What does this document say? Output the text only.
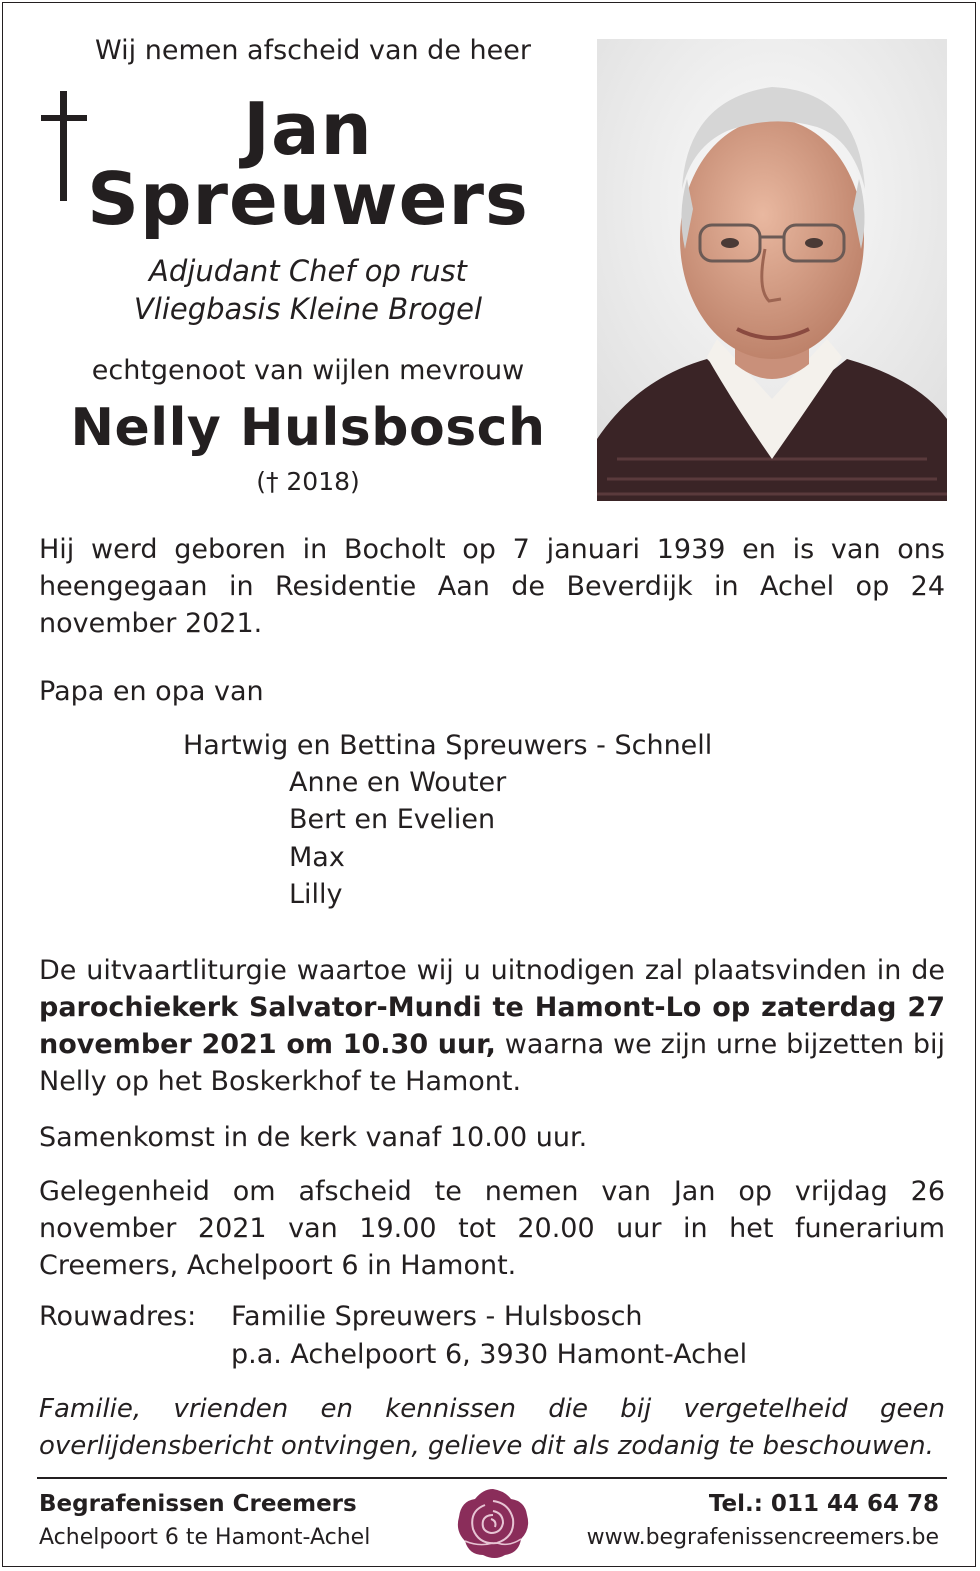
Wij nemen afscheid van de heer
Jan
Spreuwers
Adjudant Chef op rust
Vliegbasis Kleine Brogel
echtgenoot van wijlen mevrouw
Nelly Hulsbosch
(† 2018)

Hij werd geboren in Bocholt op 7 januari 1939 en is van ons heengegaan in Residentie Aan de Beverdijk in Achel op 24 november 2021.

Papa en opa van
Hartwig en Bettina Spreuwers - Schnell
Anne en Wouter
Bert en Evelien
Max
Lilly

De uitvaartliturgie waartoe wij u uitnodigen zal plaatsvinden in de parochiekerk Salvator-Mundi te Hamont-Lo op zaterdag 27 november 2021 om 10.30 uur, waarna we zijn urne bijzetten bij Nelly op het Boskerkhof te Hamont.

Samenkomst in de kerk vanaf 10.00 uur.

Gelegenheid om afscheid te nemen van Jan op vrijdag 26 november 2021 van 19.00 tot 20.00 uur in het funerarium Creemers, Achelpoort 6 in Hamont.

Rouwadres: Familie Spreuwers - Hulsbosch
p.a. Achelpoort 6, 3930 Hamont-Achel

Familie, vrienden en kennissen die bij vergetelheid geen overlijdensbericht ontvingen, gelieve dit als zodanig te beschouwen.

Begrafenissen Creemers
Achelpoort 6 te Hamont-Achel
Tel.: 011 44 64 78
www.begrafenissencreemers.be
